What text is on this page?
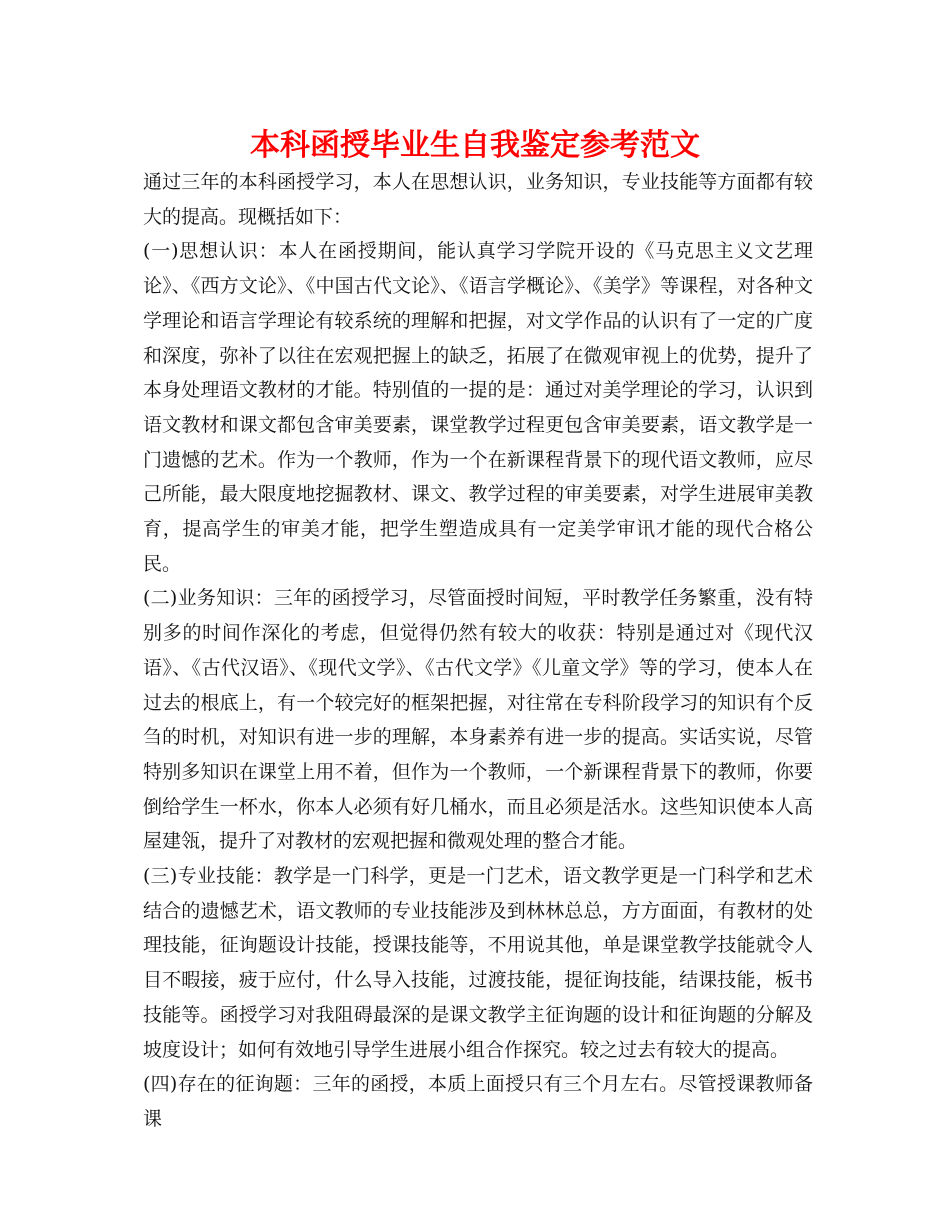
本科函授毕业生自我鉴定参考范文

通过三年的本科函授学习，本人在思想认识，业务知识，专业技能等方面都有较大的提高。现概括如下：

(一)思想认识：本人在函授期间，能认真学习学院开设的《马克思主义文艺理论》、《西方文论》、《中国古代文论》、《语言学概论》、《美学》等课程，对各种文学理论和语言学理论有较系统的理解和把握，对文学作品的认识有了一定的广度和深度，弥补了以往在宏观把握上的缺乏，拓展了在微观审视上的优势，提升了本身处理语文教材的才能。特别值的一提的是：通过对美学理论的学习，认识到语文教材和课文都包含审美要素，课堂教学过程更包含审美要素，语文教学是一门遗憾的艺术。作为一个教师，作为一个在新课程背景下的现代语文教师，应尽己所能，最大限度地挖掘教材、课文、教学过程的审美要素，对学生进展审美教育，提高学生的审美才能，把学生塑造成具有一定美学审讯才能的现代合格公民。

(二)业务知识：三年的函授学习，尽管面授时间短，平时教学任务繁重，没有特别多的时间作深化的考虑，但觉得仍然有较大的收获：特别是通过对《现代汉语》、《古代汉语》、《现代文学》、《古代文学》《儿童文学》等的学习，使本人在过去的根底上，有一个较完好的框架把握，对往常在专科阶段学习的知识有个反刍的时机，对知识有进一步的理解，本身素养有进一步的提高。实话实说，尽管特别多知识在课堂上用不着，但作为一个教师，一个新课程背景下的教师，你要倒给学生一杯水，你本人必须有好几桶水，而且必须是活水。这些知识使本人高屋建瓴，提升了对教材的宏观把握和微观处理的整合才能。

(三)专业技能：教学是一门科学，更是一门艺术，语文教学更是一门科学和艺术结合的遗憾艺术，语文教师的专业技能涉及到林林总总，方方面面，有教材的处理技能，征询题设计技能，授课技能等，不用说其他，单是课堂教学技能就令人目不暇接，疲于应付，什么导入技能，过渡技能，提征询技能，结课技能，板书技能等。函授学习对我阻碍最深的是课文教学主征询题的设计和征询题的分解及坡度设计；如何有效地引导学生进展小组合作探究。较之过去有较大的提高。

(四)存在的征询题：三年的函授，本质上面授只有三个月左右。尽管授课教师备课
